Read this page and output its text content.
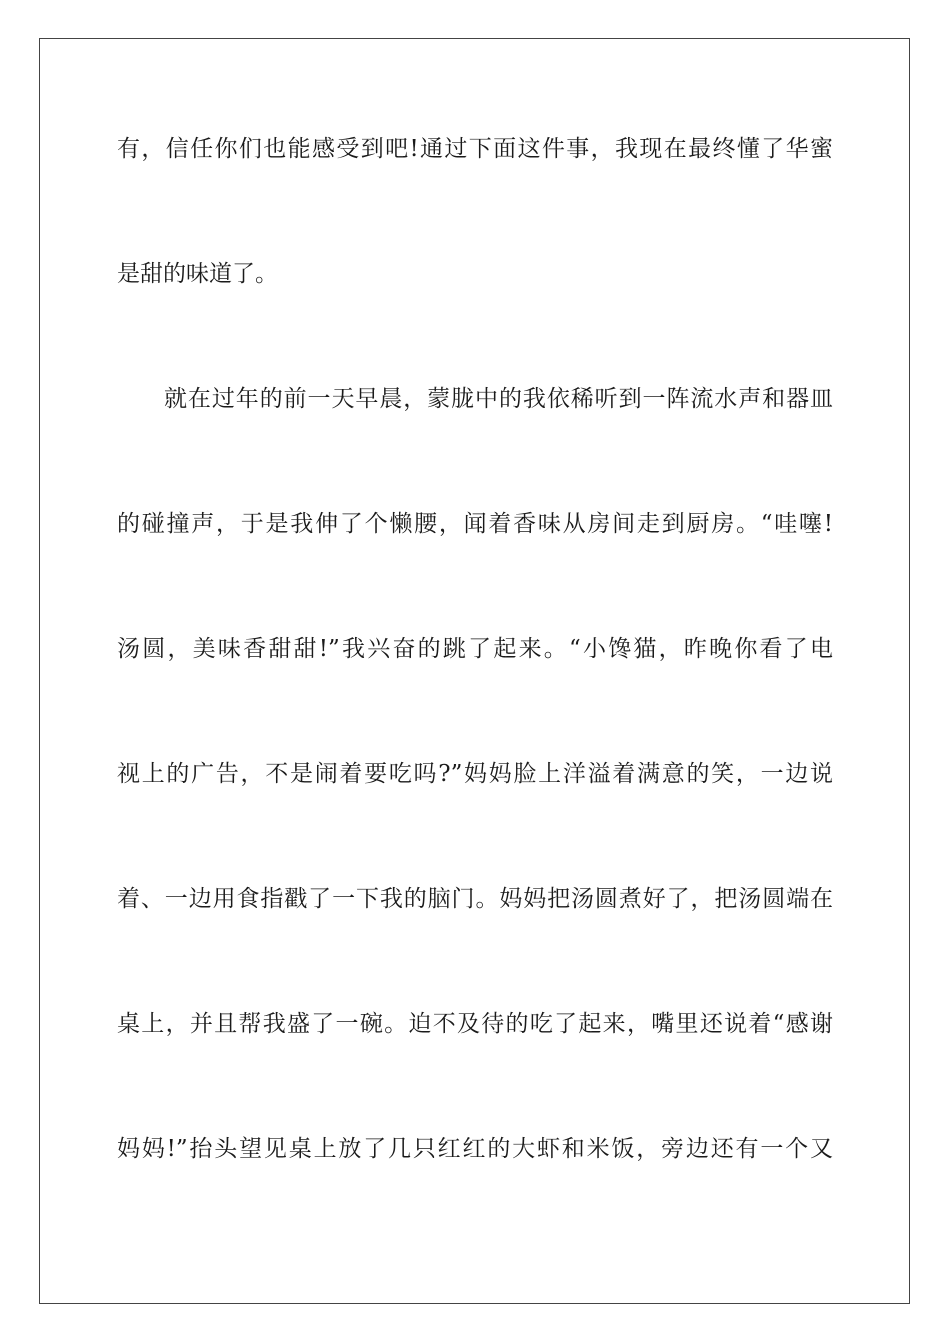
有，信任你们也能感受到吧!通过下面这件事，我现在最终懂了华蜜
是甜的味道了。
就在过年的前一天早晨，蒙胧中的我依稀听到一阵流水声和器皿
的碰撞声，于是我伸了个懒腰，闻着香味从房间走到厨房。“哇噻!
汤圆，美味香甜甜!”我兴奋的跳了起来。“小馋猫，昨晚你看了电
视上的广告，不是闹着要吃吗?”妈妈脸上洋溢着满意的笑，一边说
着、一边用食指戳了一下我的脑门。妈妈把汤圆煮好了，把汤圆端在
桌上，并且帮我盛了一碗。迫不及待的吃了起来，嘴里还说着“感谢
妈妈!”抬头望见桌上放了几只红红的大虾和米饭，旁边还有一个又
